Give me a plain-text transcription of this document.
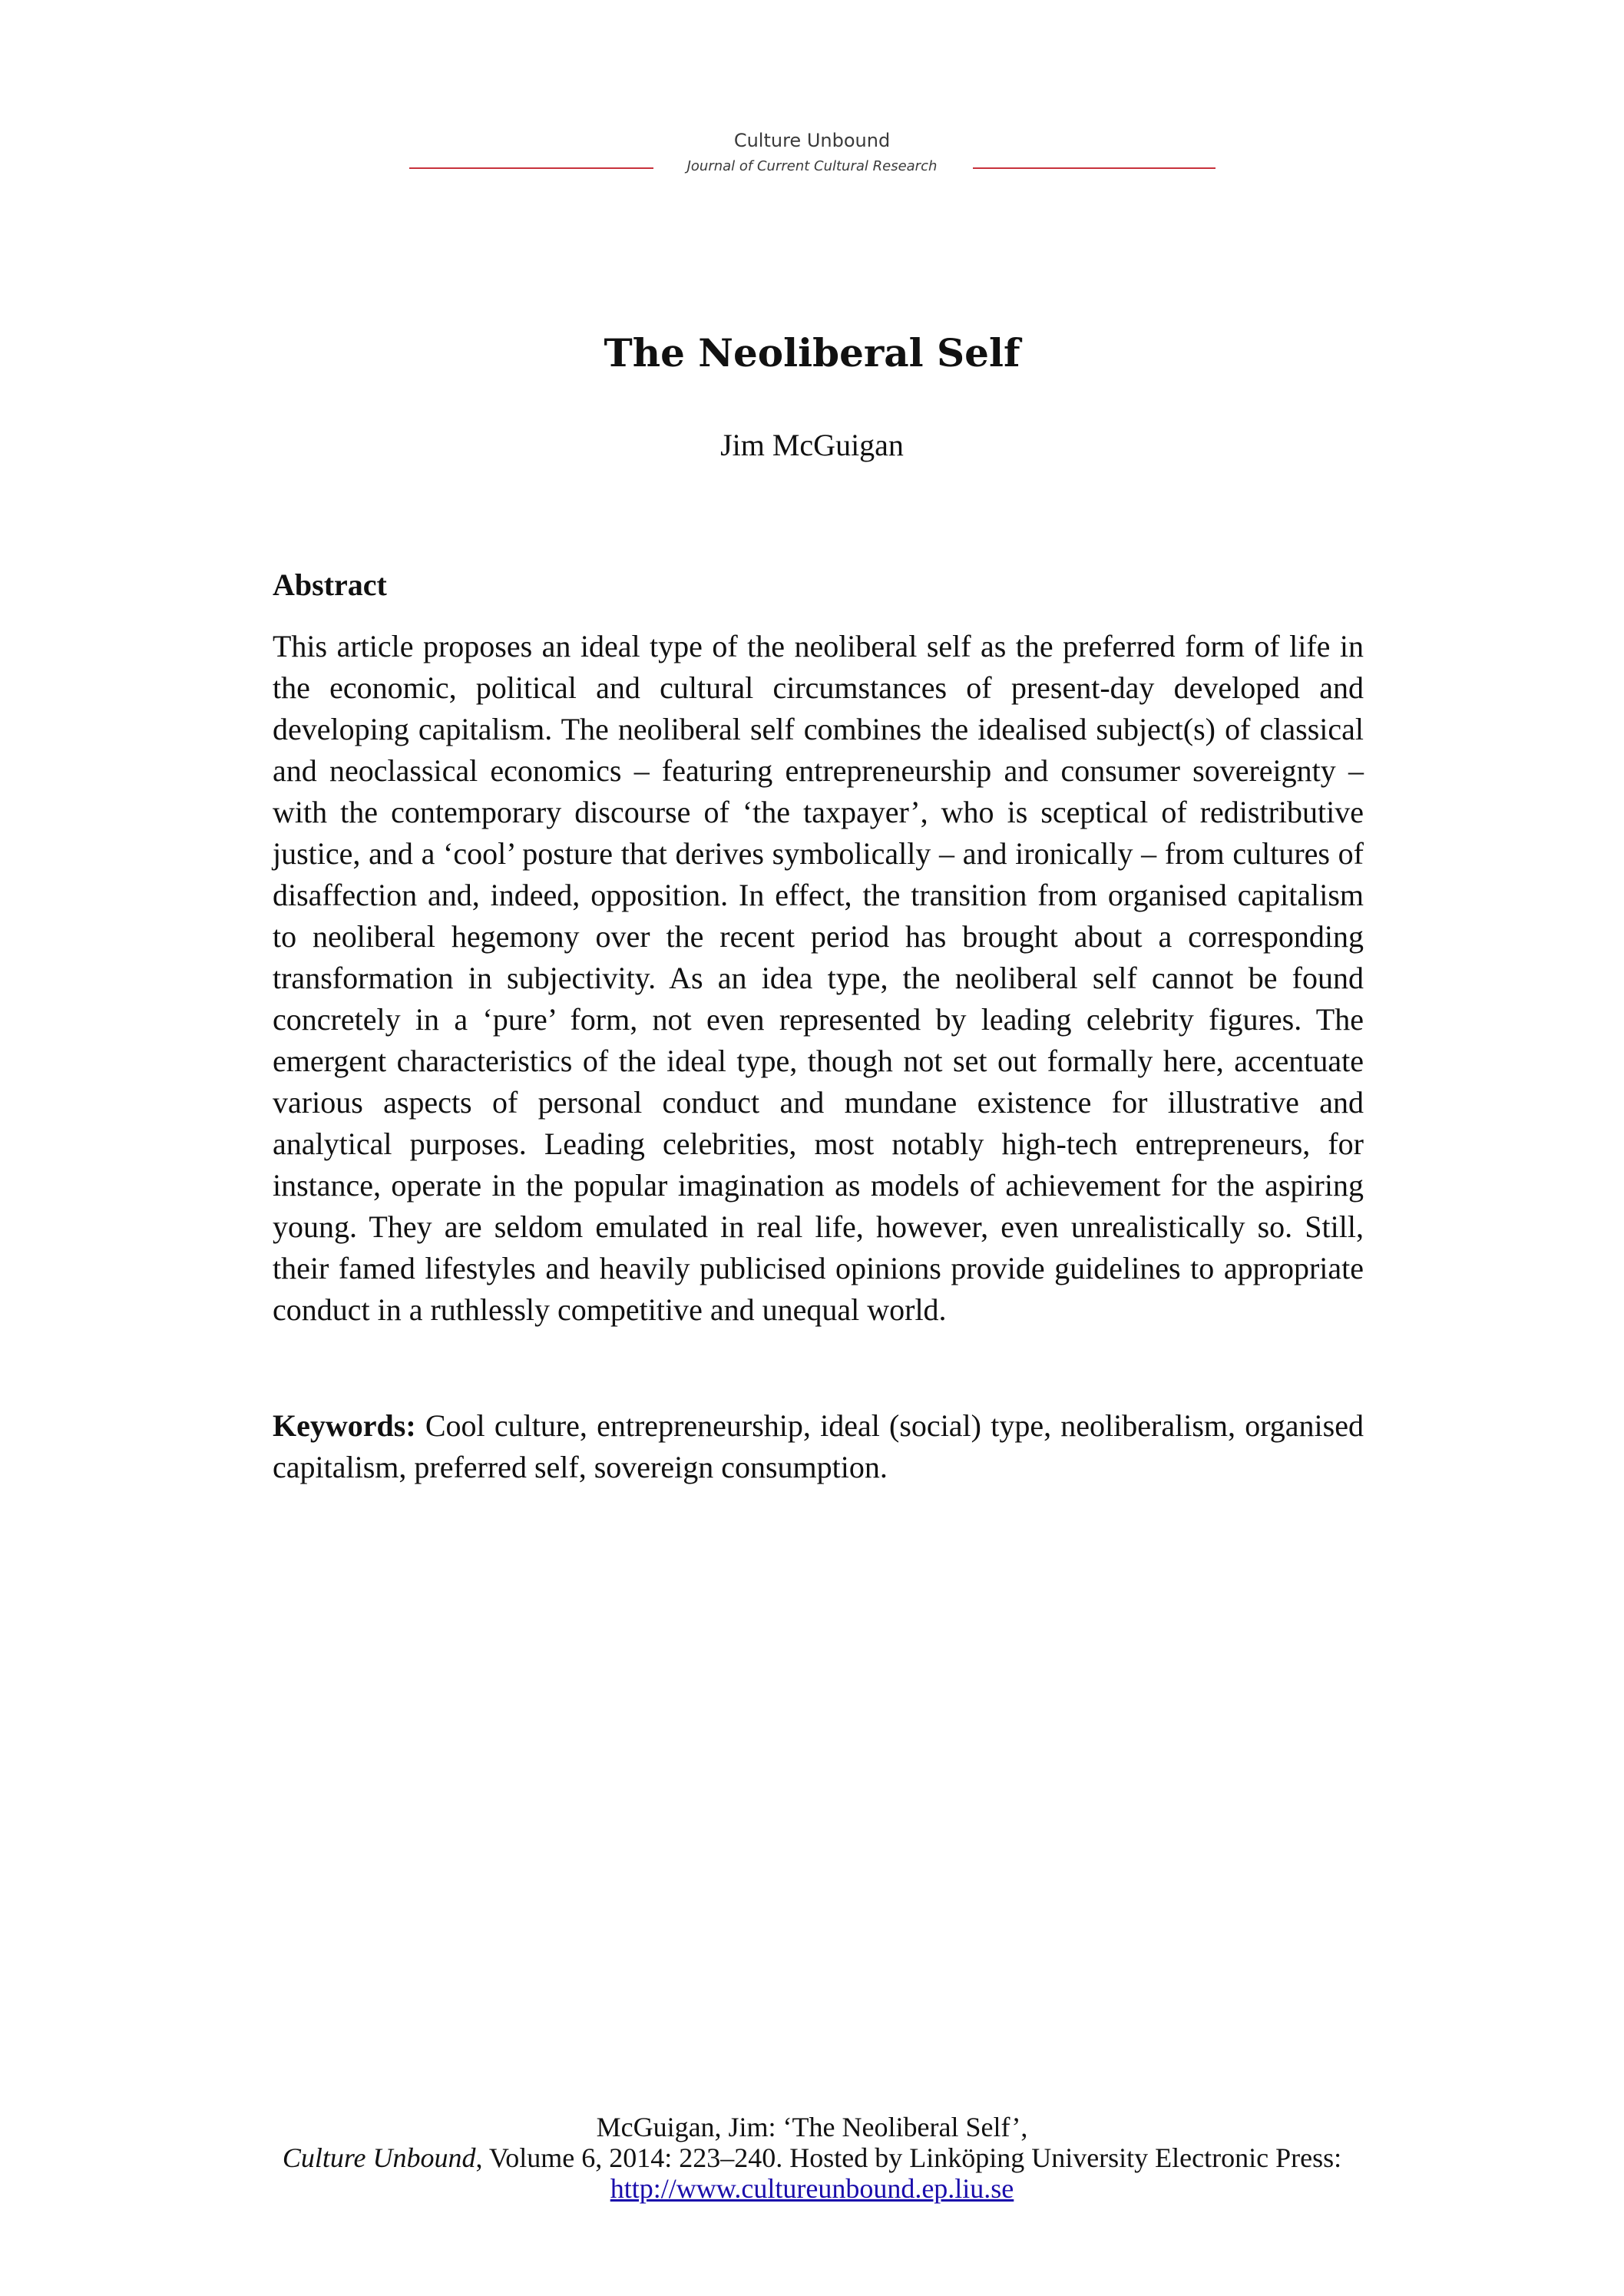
Culture Unbound
Journal of Current Cultural Research
The Neoliberal Self
Jim McGuigan
Abstract
This article proposes an ideal type of the neoliberal self as the preferred form of life in the economic, political and cultural circumstances of present-day developed and developing capitalism. The neoliberal self combines the idealised subject(s) of classical and neoclassical economics – featuring entrepreneurship and consumer sovereignty – with the contemporary discourse of ‘the taxpayer’, who is sceptical of redistributive justice, and a ‘cool’ posture that derives symbolically – and ironically – from cultures of disaffection and, indeed, opposition. In effect, the transition from organised capitalism to neoliberal hegemony over the recent period has brought about a corresponding transformation in subjectivity. As an idea type, the neoliberal self cannot be found concretely in a ‘pure’ form, not even represented by leading celebrity figures. The emergent characteristics of the ideal type, though not set out formally here, accentuate various aspects of personal conduct and mundane existence for illustrative and analytical purposes. Leading celebrities, most notably high-tech entrepreneurs, for instance, operate in the popular imagination as models of achievement for the aspiring young. They are seldom emulated in real life, however, even unrealistically so. Still, their famed lifestyles and heavily publicised opinions provide guidelines to appropriate conduct in a ruthlessly competitive and unequal world.
Keywords: Cool culture, entrepreneurship, ideal (social) type, neoliberalism, organised capitalism, preferred self, sovereign consumption.
McGuigan, Jim: ‘The Neoliberal Self’,
Culture Unbound, Volume 6, 2014: 223–240. Hosted by Linköping University Electronic Press:
http://www.cultureunbound.ep.liu.se
